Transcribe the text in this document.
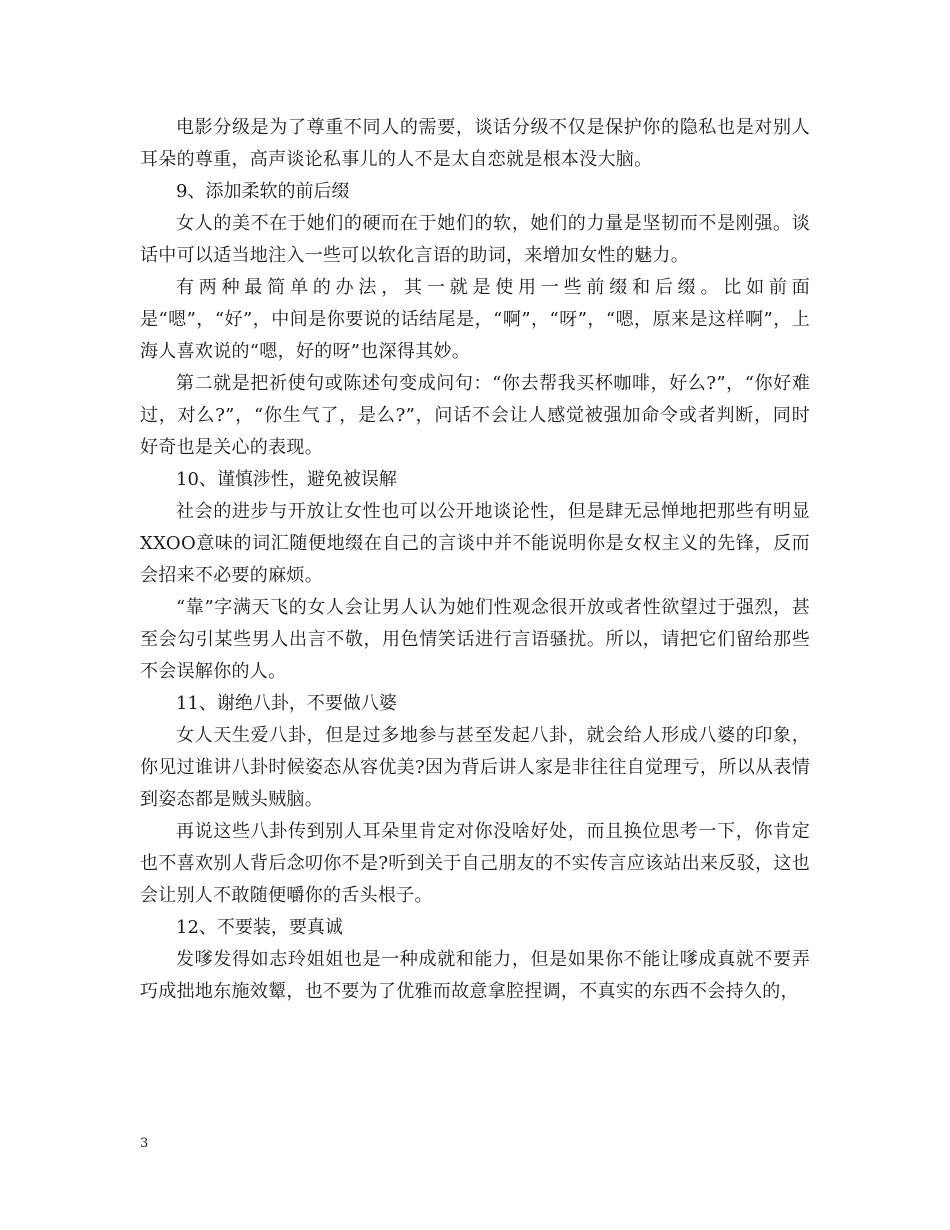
电影分级是为了尊重不同人的需要，谈话分级不仅是保护你的隐私也是对别人耳朵的尊重，高声谈论私事儿的人不是太自恋就是根本没大脑。

9、添加柔软的前后缀

女人的美不在于她们的硬而在于她们的软，她们的力量是坚韧而不是刚强。谈话中可以适当地注入一些可以软化言语的助词，来增加女性的魅力。

有两种最简单的办法，其一就是使用一些前缀和后缀。比如前面是“嗯”，“好”，中间是你要说的话结尾是，“啊”，“呀”，“嗯，原来是这样啊”，上海人喜欢说的“嗯，好的呀”也深得其妙。

第二就是把祈使句或陈述句变成问句：“你去帮我买杯咖啡，好么?”，“你好难过，对么?”，“你生气了，是么?”，问话不会让人感觉被强加命令或者判断，同时好奇也是关心的表现。

10、谨慎涉性，避免被误解

社会的进步与开放让女性也可以公开地谈论性，但是肆无忌惮地把那些有明显XXOO意味的词汇随便地缀在自己的言谈中并不能说明你是女权主义的先锋，反而会招来不必要的麻烦。

“靠”字满天飞的女人会让男人认为她们性观念很开放或者性欲望过于强烈，甚至会勾引某些男人出言不敬，用色情笑话进行言语骚扰。所以，请把它们留给那些不会误解你的人。

11、谢绝八卦，不要做八婆

女人天生爱八卦，但是过多地参与甚至发起八卦，就会给人形成八婆的印象，你见过谁讲八卦时候姿态从容优美?因为背后讲人家是非往往自觉理亏，所以从表情到姿态都是贼头贼脑。

再说这些八卦传到别人耳朵里肯定对你没啥好处，而且换位思考一下，你肯定也不喜欢别人背后念叨你不是?听到关于自己朋友的不实传言应该站出来反驳，这也会让别人不敢随便嚼你的舌头根子。

12、不要装，要真诚

发嗲发得如志玲姐姐也是一种成就和能力，但是如果你不能让嗲成真就不要弄巧成拙地东施效颦，也不要为了优雅而故意拿腔捏调，不真实的东西不会持久的，

3
